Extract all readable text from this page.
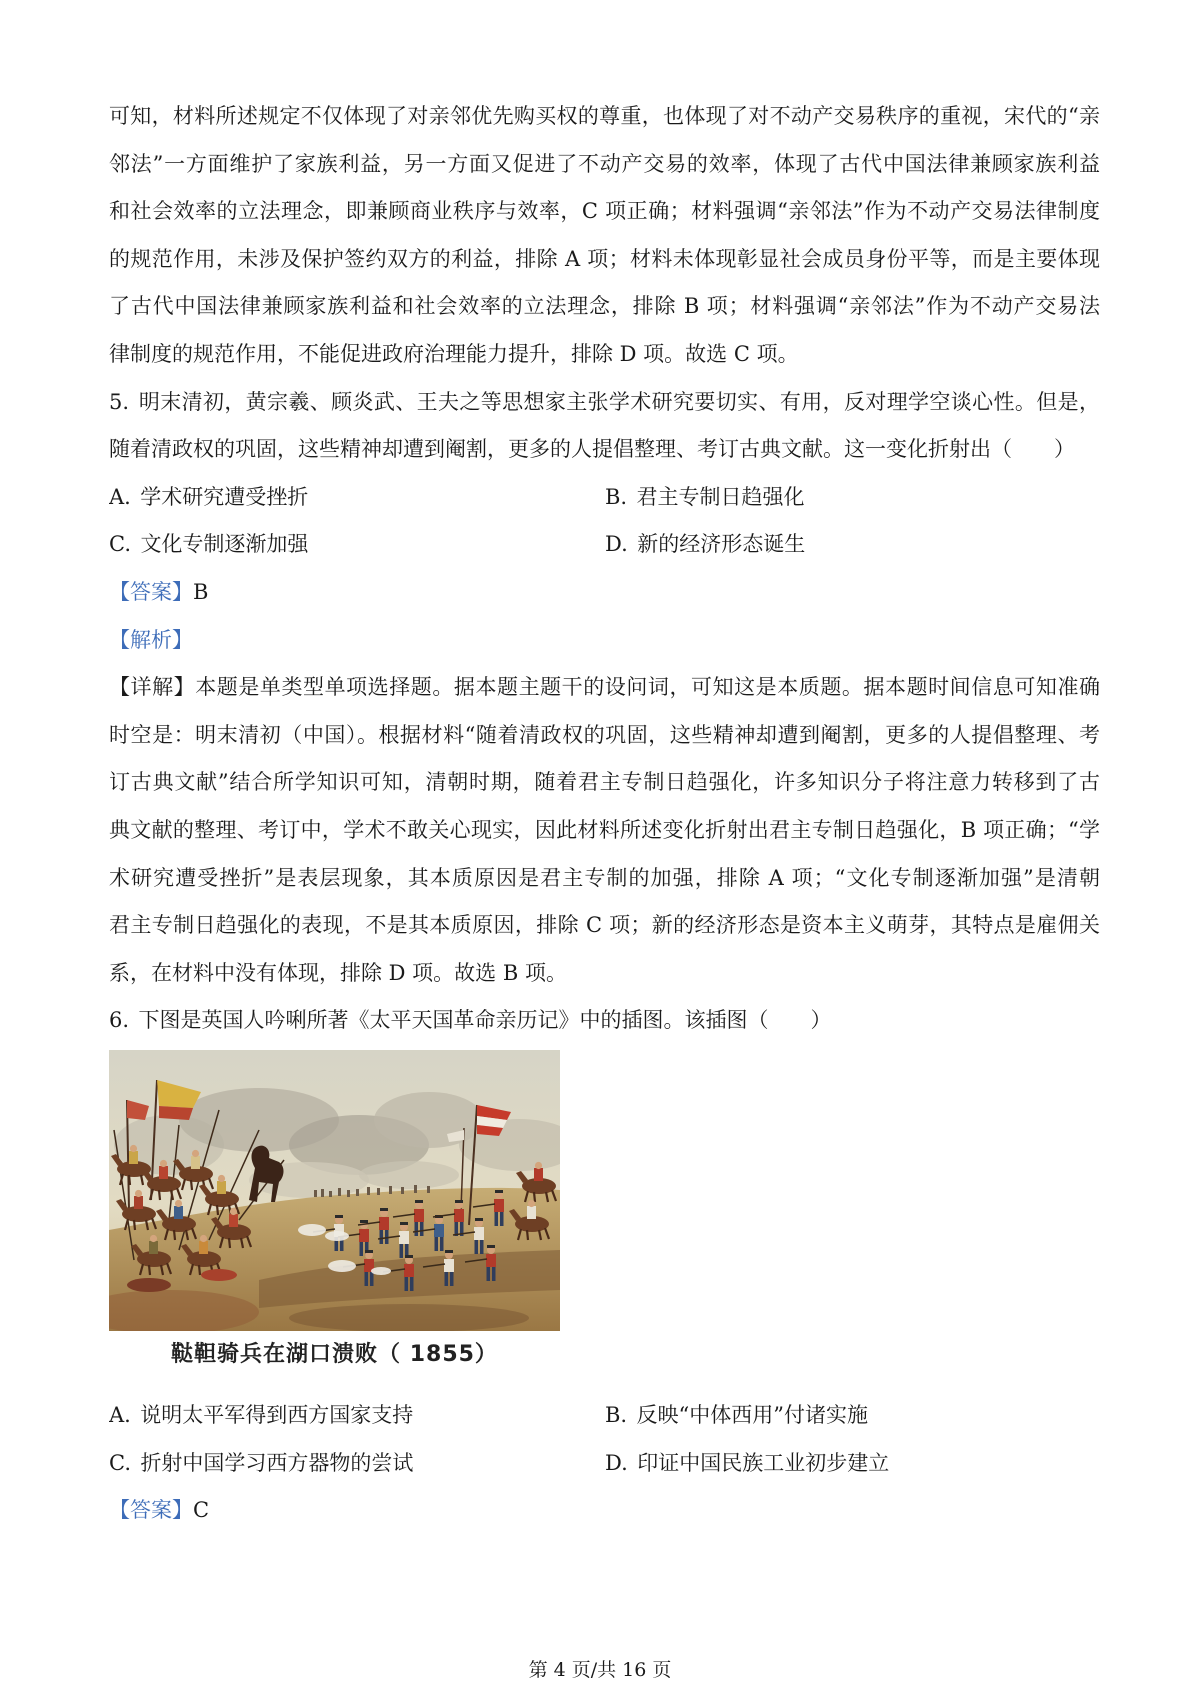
可知，材料所述规定不仅体现了对亲邻优先购买权的尊重，也体现了对不动产交易秩序的重视，宋代的“亲
邻法”一方面维护了家族利益，另一方面又促进了不动产交易的效率，体现了古代中国法律兼顾家族利益
和社会效率的立法理念，即兼顾商业秩序与效率，C 项正确；材料强调“亲邻法”作为不动产交易法律制度
的规范作用，未涉及保护签约双方的利益，排除 A 项；材料未体现彰显社会成员身份平等，而是主要体现
了古代中国法律兼顾家族利益和社会效率的立法理念，排除 B 项；材料强调“亲邻法”作为不动产交易法
律制度的规范作用，不能促进政府治理能力提升，排除 D 项。故选 C 项。
5. 明末清初，黄宗羲、顾炎武、王夫之等思想家主张学术研究要切实、有用，反对理学空谈心性。但是，
随着清政权的巩固，这些精神却遭到阉割，更多的人提倡整理、考订古典文献。这一变化折射出（　　）
A. 学术研究遭受挫折	B. 君主专制日趋强化
C. 文化专制逐渐加强	D. 新的经济形态诞生
【答案】B
【解析】
【详解】本题是单类型单项选择题。据本题主题干的设问词，可知这是本质题。据本题时间信息可知准确
时空是：明末清初（中国）。根据材料“随着清政权的巩固，这些精神却遭到阉割，更多的人提倡整理、考
订古典文献”结合所学知识可知，清朝时期，随着君主专制日趋强化，许多知识分子将注意力转移到了古
典文献的整理、考订中，学术不敢关心现实，因此材料所述变化折射出君主专制日趋强化，B 项正确；“学
术研究遭受挫折”是表层现象，其本质原因是君主专制的加强，排除 A 项；“文化专制逐渐加强”是清朝
君主专制日趋强化的表现，不是其本质原因，排除 C 项；新的经济形态是资本主义萌芽，其特点是雇佣关
系，在材料中没有体现，排除 D 项。故选 B 项。
6. 下图是英国人吟唎所著《太平天国革命亲历记》中的插图。该插图（　　）
鞑靼骑兵在湖口溃败（ 1855）
A. 说明太平军得到西方国家支持	B. 反映“中体西用”付诸实施
C. 折射中国学习西方器物的尝试	D. 印证中国民族工业初步建立
【答案】C
第 4 页/共 16 页
